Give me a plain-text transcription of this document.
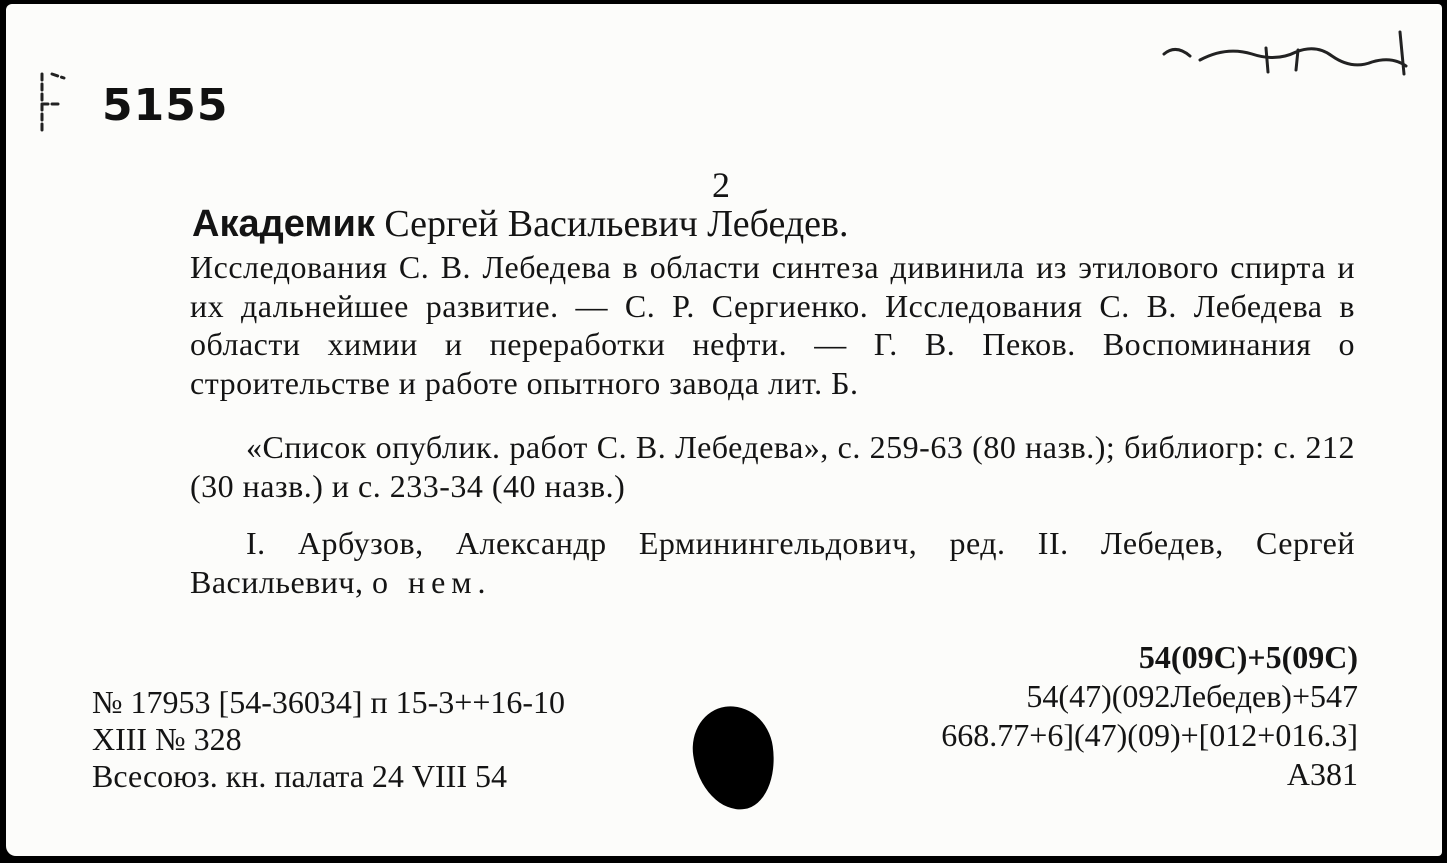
5155
2
Академик Сергей Васильевич Лебедев.

Исследования С. В. Лебедева в области синтеза дивинила из этилового спирта и их дальнейшее развитие. — С. Р. Сергиенко. Исследования С. В. Лебедева в области химии и переработки нефти. — Г. В. Пеков. Воспоминания о строительстве и работе опытного завода лит. Б.

«Список опублик. работ С. В. Лебедева», с. 259-63 (80 назв.); библиогр: с. 212 (30 назв.) и с. 233-34 (40 назв.)

I. Арбузов, Александр Ерминингельдович, ред. II. Лебедев, Сергей Васильевич, о нем.

№ 17953 [54-36034] п 15-3++16-10
XIII № 328
Всесоюз. кн. палата 24 VIII 54
54(09С)+5(09С)
54(47)(092Лебедев)+547
668.77+6](47)(09)+[012+016.3]
А381
